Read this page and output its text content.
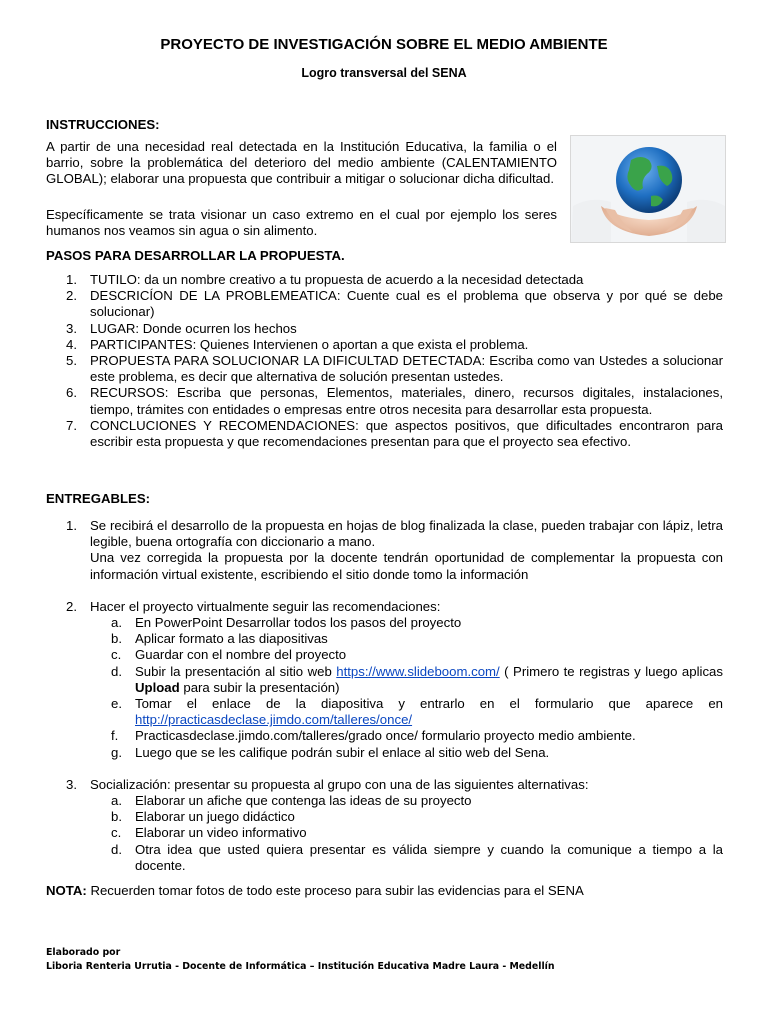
PROYECTO DE INVESTIGACIÓN SOBRE EL MEDIO AMBIENTE
Logro transversal del SENA
INSTRUCCIONES:
A partir de una necesidad real detectada en la Institución Educativa, la familia o el barrio, sobre la problemática del deterioro del medio ambiente (CALENTAMIENTO GLOBAL); elaborar una propuesta que contribuir a mitigar o solucionar dicha dificultad.
Específicamente se trata visionar un caso extremo en el cual por ejemplo los seres humanos nos veamos sin agua o sin alimento.
PASOS PARA DESARROLLAR LA PROPUESTA.
1. TUTILO: da un nombre creativo a tu propuesta de acuerdo a la necesidad detectada
2. DESCRICÍON DE LA PROBLEMEATICA: Cuente cual es el problema que observa y por qué se debe solucionar)
3. LUGAR: Donde ocurren los hechos
4. PARTICIPANTES: Quienes Intervienen o aportan a que exista el problema.
5. PROPUESTA PARA SOLUCIONAR LA DIFICULTAD DETECTADA: Escriba como van Ustedes a solucionar este problema, es decir que alternativa de solución presentan ustedes.
6. RECURSOS: Escriba que personas, Elementos, materiales, dinero, recursos digitales, instalaciones, tiempo, trámites con entidades o empresas entre otros necesita para desarrollar esta propuesta.
7. CONCLUCIONES Y RECOMENDACIONES: que aspectos positivos, que dificultades encontraron para escribir esta propuesta y que recomendaciones presentan para que el proyecto sea efectivo.
ENTREGABLES:
1. Se recibirá el desarrollo de la propuesta en hojas de blog finalizada la clase, pueden trabajar con lápiz, letra legible, buena ortografía con diccionario a mano.
Una vez corregida la propuesta por la docente tendrán oportunidad de complementar la propuesta con información virtual existente, escribiendo el sitio donde tomo la información
2. Hacer el proyecto virtualmente seguir las recomendaciones:
a. En PowerPoint Desarrollar todos los pasos del proyecto
b. Aplicar formato a las diapositivas
c. Guardar con el nombre del proyecto
d. Subir la presentación al sitio web https://www.slideboom.com/ ( Primero te registras y luego aplicas Upload para subir la presentación)
e. Tomar el enlace de la diapositiva y entrarlo en el formulario que aparece en http://practicasdeclase.jimdo.com/talleres/once/
f. Practicasdeclase.jimdo.com/talleres/grado once/ formulario proyecto medio ambiente.
g. Luego que se les califique podrán subir el enlace al sitio web del Sena.
3. Socialización: presentar su propuesta al grupo con una de las siguientes alternativas:
a. Elaborar un afiche que contenga las ideas de su proyecto
b. Elaborar un juego didáctico
c. Elaborar un video informativo
d. Otra idea que usted quiera presentar es válida siempre y cuando la comunique a tiempo a la docente.
NOTA: Recuerden tomar fotos de todo este proceso para subir las evidencias para el SENA
Elaborado por
Liboria Renteria Urrutia - Docente de Informática – Institución Educativa Madre Laura - Medellín
